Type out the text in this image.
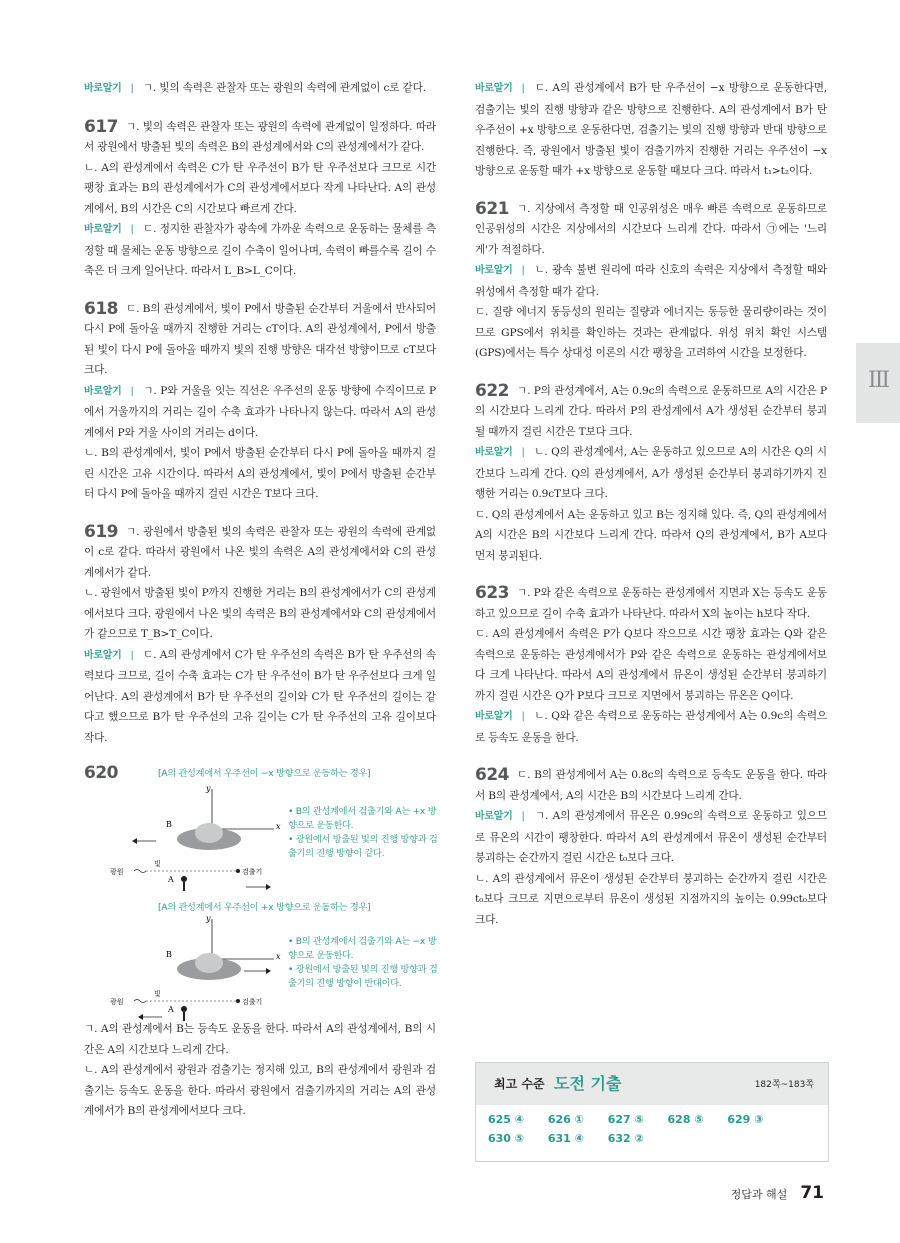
바로알기 | ㄱ. 빛의 속력은 관찰자 또는 광원의 속력에 관계없이 c로 같다.

617 ㄱ. 빛의 속력은 관찰자 또는 광원의 속력에 관계없이 일정하다. 따라서 광원에서 방출된 빛의 속력은 B의 관성계에서와 C의 관성계에서가 같다.

ㄴ. A의 관성계에서 속력은 C가 탄 우주선이 B가 탄 우주선보다 크므로 시간 팽창 효과는 B의 관성계에서가 C의 관성계에서보다 작게 나타난다. A의 관성계에서, B의 시간은 C의 시간보다 빠르게 간다.

바로알기 | ㄷ. 정지한 관찰자가 광속에 가까운 속력으로 운동하는 물체를 측정할 때 물체는 운동 방향으로 길이 수축이 일어나며, 속력이 빠를수록 길이 수축은 더 크게 일어난다. 따라서 L_B>L_C이다.

618 ㄷ. B의 관성계에서, 빛이 P에서 방출된 순간부터 거울에서 반사되어 다시 P에 돌아올 때까지 진행한 거리는 cT이다. A의 관성계에서, P에서 방출된 빛이 다시 P에 돌아올 때까지 빛의 진행 방향은 대각선 방향이므로 cT보다 크다.

바로알기 | ㄱ. P와 거울을 잇는 직선은 우주선의 운동 방향에 수직이므로 P에서 거울까지의 거리는 길이 수축 효과가 나타나지 않는다. 따라서 A의 관성계에서 P와 거울 사이의 거리는 d이다.

ㄴ. B의 관성계에서, 빛이 P에서 방출된 순간부터 다시 P에 돌아올 때까지 걸린 시간은 고유 시간이다. 따라서 A의 관성계에서, 빛이 P에서 방출된 순간부터 다시 P에 돌아올 때까지 걸린 시간은 T보다 크다.

619 ㄱ. 광원에서 방출된 빛의 속력은 관찰자 또는 광원의 속력에 관계없이 c로 같다. 따라서 광원에서 나온 빛의 속력은 A의 관성계에서와 C의 관성계에서가 같다.

ㄴ. 광원에서 방출된 빛이 P까지 진행한 거리는 B의 관성계에서가 C의 관성계에서보다 크다. 광원에서 나온 빛의 속력은 B의 관성계에서와 C의 관성계에서가 같으므로 T_B>T_C이다.

바로알기 | ㄷ. A의 관성계에서 C가 탄 우주선의 속력은 B가 탄 우주선의 속력보다 크므로, 길이 수축 효과는 C가 탄 우주선이 B가 탄 우주선보다 크게 일어난다. A의 관성계에서 B가 탄 우주선의 길이와 C가 탄 우주선의 길이는 같다고 했으므로 B가 탄 우주선의 고유 길이는 C가 탄 우주선의 고유 길이보다 작다.

620	[A의 관성계에서 우주선이 −x 방향으로 운동하는 경우]
y
x
B
빛
광원	검출기
A
• B의 관성계에서 검출기와 A는 +x 방향으로 운동한다.
• 광원에서 방출된 빛의 진행 방향과 검출기의 진행 방향이 같다.
[A의 관성계에서 우주선이 +x 방향으로 운동하는 경우]
y
x
B
빛
광원	검출기
A
• B의 관성계에서 검출기와 A는 −x 방향으로 운동한다.
• 광원에서 방출된 빛의 진행 방향과 검출기의 진행 방향이 반대이다.

ㄱ. A의 관성계에서 B는 등속도 운동을 한다. 따라서 A의 관성계에서, B의 시간은 A의 시간보다 느리게 간다.

ㄴ. A의 관성계에서 광원과 검출기는 정지해 있고, B의 관성계에서 광원과 검출기는 등속도 운동을 한다. 따라서 광원에서 검출기까지의 거리는 A의 관성계에서가 B의 관성계에서보다 크다.

바로알기 | ㄷ. A의 관성계에서 B가 탄 우주선이 −x 방향으로 운동한다면, 검출기는 빛의 진행 방향과 같은 방향으로 진행한다. A의 관성계에서 B가 탄 우주선이 +x 방향으로 운동한다면, 검출기는 빛의 진행 방향과 반대 방향으로 진행한다. 즉, 광원에서 방출된 빛이 검출기까지 진행한 거리는 우주선이 −x 방향으로 운동할 때가 +x 방향으로 운동할 때보다 크다. 따라서 t₁>t₂이다.

621 ㄱ. 지상에서 측정할 때 인공위성은 매우 빠른 속력으로 운동하므로 인공위성의 시간은 지상에서의 시간보다 느리게 간다. 따라서 ㉠에는 '느리게'가 적절하다.

바로알기 | ㄴ. 광속 불변 원리에 따라 신호의 속력은 지상에서 측정할 때와 위성에서 측정할 때가 같다.

ㄷ. 질량 에너지 동등성의 원리는 질량과 에너지는 동등한 물리량이라는 것이므로 GPS에서 위치를 확인하는 것과는 관계없다. 위성 위치 확인 시스템(GPS)에서는 특수 상대성 이론의 시간 팽창을 고려하여 시간을 보정한다.

622 ㄱ. P의 관성계에서, A는 0.9c의 속력으로 운동하므로 A의 시간은 P의 시간보다 느리게 간다. 따라서 P의 관성계에서 A가 생성된 순간부터 붕괴될 때까지 걸린 시간은 T보다 크다.

바로알기 | ㄴ. Q의 관성계에서, A는 운동하고 있으므로 A의 시간은 Q의 시간보다 느리게 간다. Q의 관성계에서, A가 생성된 순간부터 붕괴하기까지 진행한 거리는 0.9cT보다 크다.

ㄷ. Q의 관성계에서 A는 운동하고 있고 B는 정지해 있다. 즉, Q의 관성계에서 A의 시간은 B의 시간보다 느리게 간다. 따라서 Q의 관성계에서, B가 A보다 먼저 붕괴된다.

623 ㄱ. P와 같은 속력으로 운동하는 관성계에서 지면과 X는 등속도 운동하고 있으므로 길이 수축 효과가 나타난다. 따라서 X의 높이는 h보다 작다.

ㄷ. A의 관성계에서 속력은 P가 Q보다 작으므로 시간 팽창 효과는 Q와 같은 속력으로 운동하는 관성계에서가 P와 같은 속력으로 운동하는 관성계에서보다 크게 나타난다. 따라서 A의 관성계에서 뮤온이 생성된 순간부터 붕괴하기까지 걸린 시간은 Q가 P보다 크므로 지면에서 붕괴하는 뮤온은 Q이다.

바로알기 | ㄴ. Q와 같은 속력으로 운동하는 관성계에서 A는 0.9c의 속력으로 등속도 운동을 한다.

624 ㄷ. B의 관성계에서 A는 0.8c의 속력으로 등속도 운동을 한다. 따라서 B의 관성계에서, A의 시간은 B의 시간보다 느리게 간다.

바로알기 | ㄱ. A의 관성계에서 뮤온은 0.99c의 속력으로 운동하고 있으므로 뮤온의 시간이 팽창한다. 따라서 A의 관성계에서 뮤온이 생성된 순간부터 붕괴하는 순간까지 걸린 시간은 t₀보다 크다.

ㄴ. A의 관성계에서 뮤온이 생성된 순간부터 붕괴하는 순간까지 걸린 시간은 t₀보다 크므로 지면으로부터 뮤온이 생성된 지점까지의 높이는 0.99ct₀보다 크다.

최고 수준 도전 기출	182쪽~183쪽
625 ④ 626 ① 627 ⑤ 628 ⑤ 629 ③ 630 ⑤ 631 ④ 632 ②
III
정답과 해설 71
